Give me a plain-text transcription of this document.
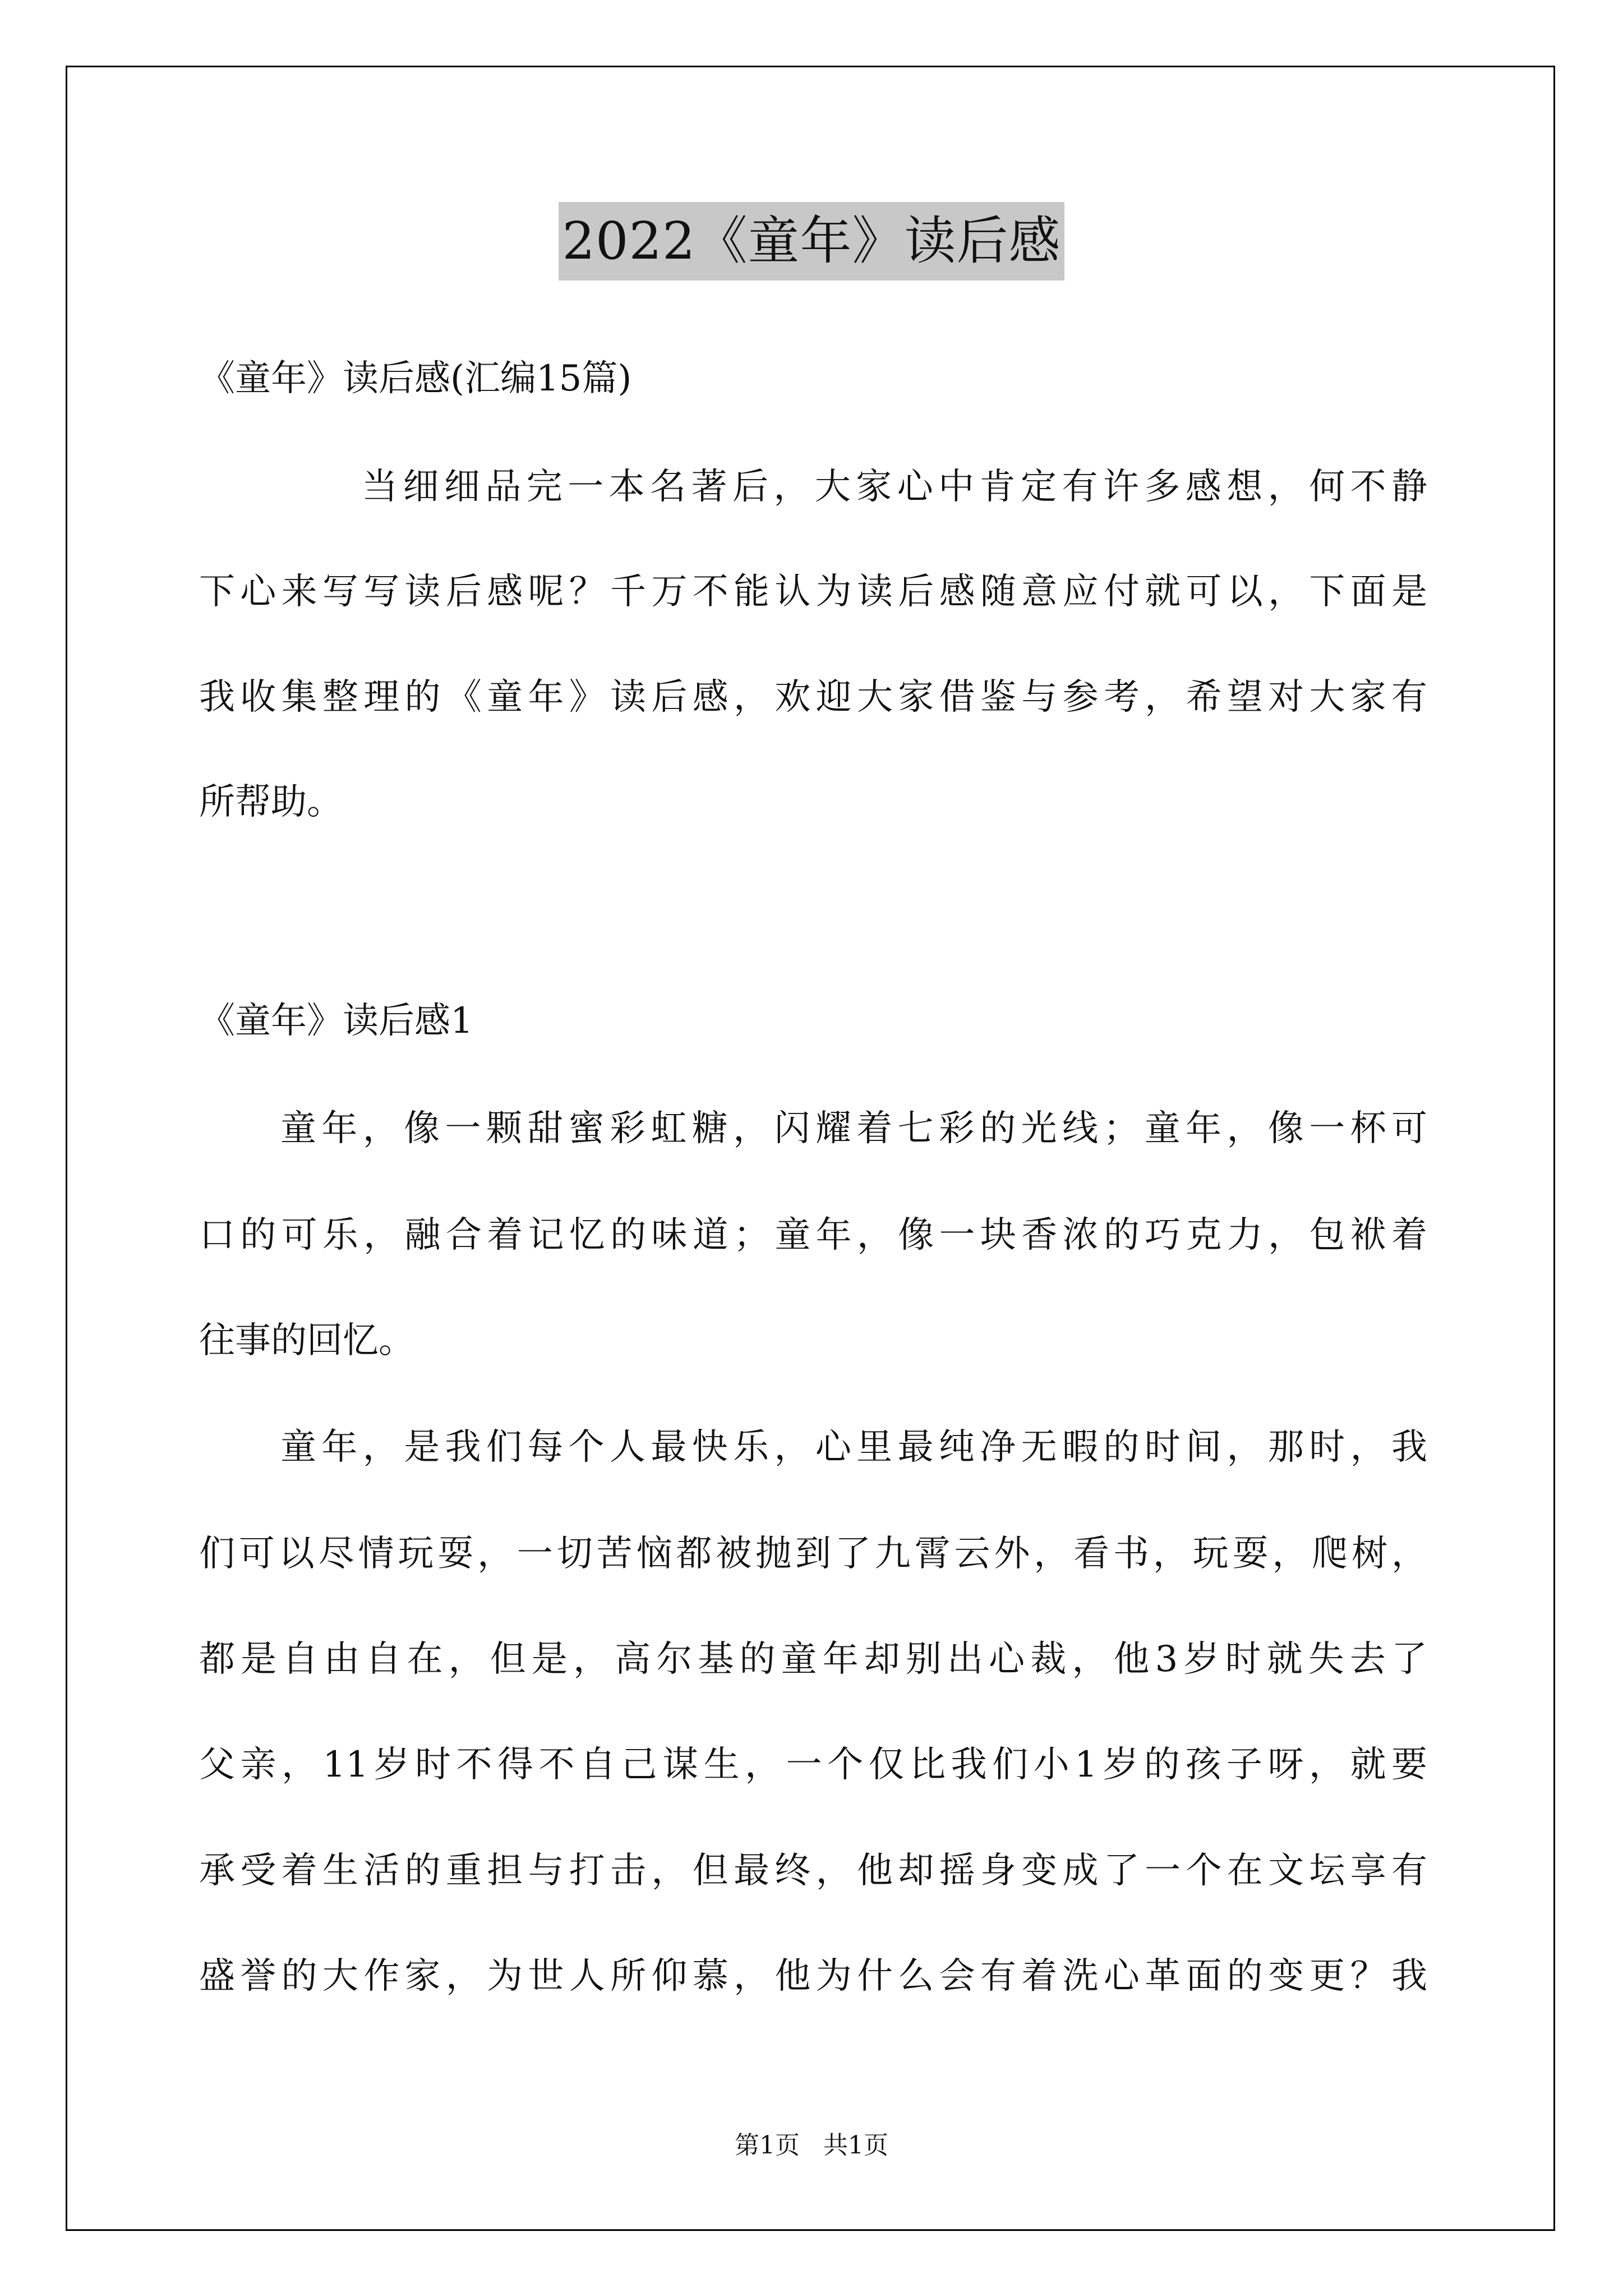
2022《童年》读后感
《童年》读后感(汇编15篇)
当细细品完一本名著后，大家心中肯定有许多感想，何不静
下心来写写读后感呢？千万不能认为读后感随意应付就可以，下面是
我收集整理的《童年》读后感，欢迎大家借鉴与参考，希望对大家有
所帮助。
《童年》读后感1
童年，像一颗甜蜜彩虹糖，闪耀着七彩的光线；童年，像一杯可
口的可乐，融合着记忆的味道；童年，像一块香浓的巧克力，包袱着
往事的回忆。
童年，是我们每个人最快乐，心里最纯净无暇的时间，那时，我
们可以尽情玩耍，一切苦恼都被抛到了九霄云外，看书，玩耍，爬树，
都是自由自在，但是，高尔基的童年却别出心裁，他3岁时就失去了
父亲，11岁时不得不自己谋生，一个仅比我们小1岁的孩子呀，就要
承受着生活的重担与打击，但最终，他却摇身变成了一个在文坛享有
盛誉的大作家，为世人所仰慕，他为什么会有着洗心革面的变更？我
第1页   共1页
